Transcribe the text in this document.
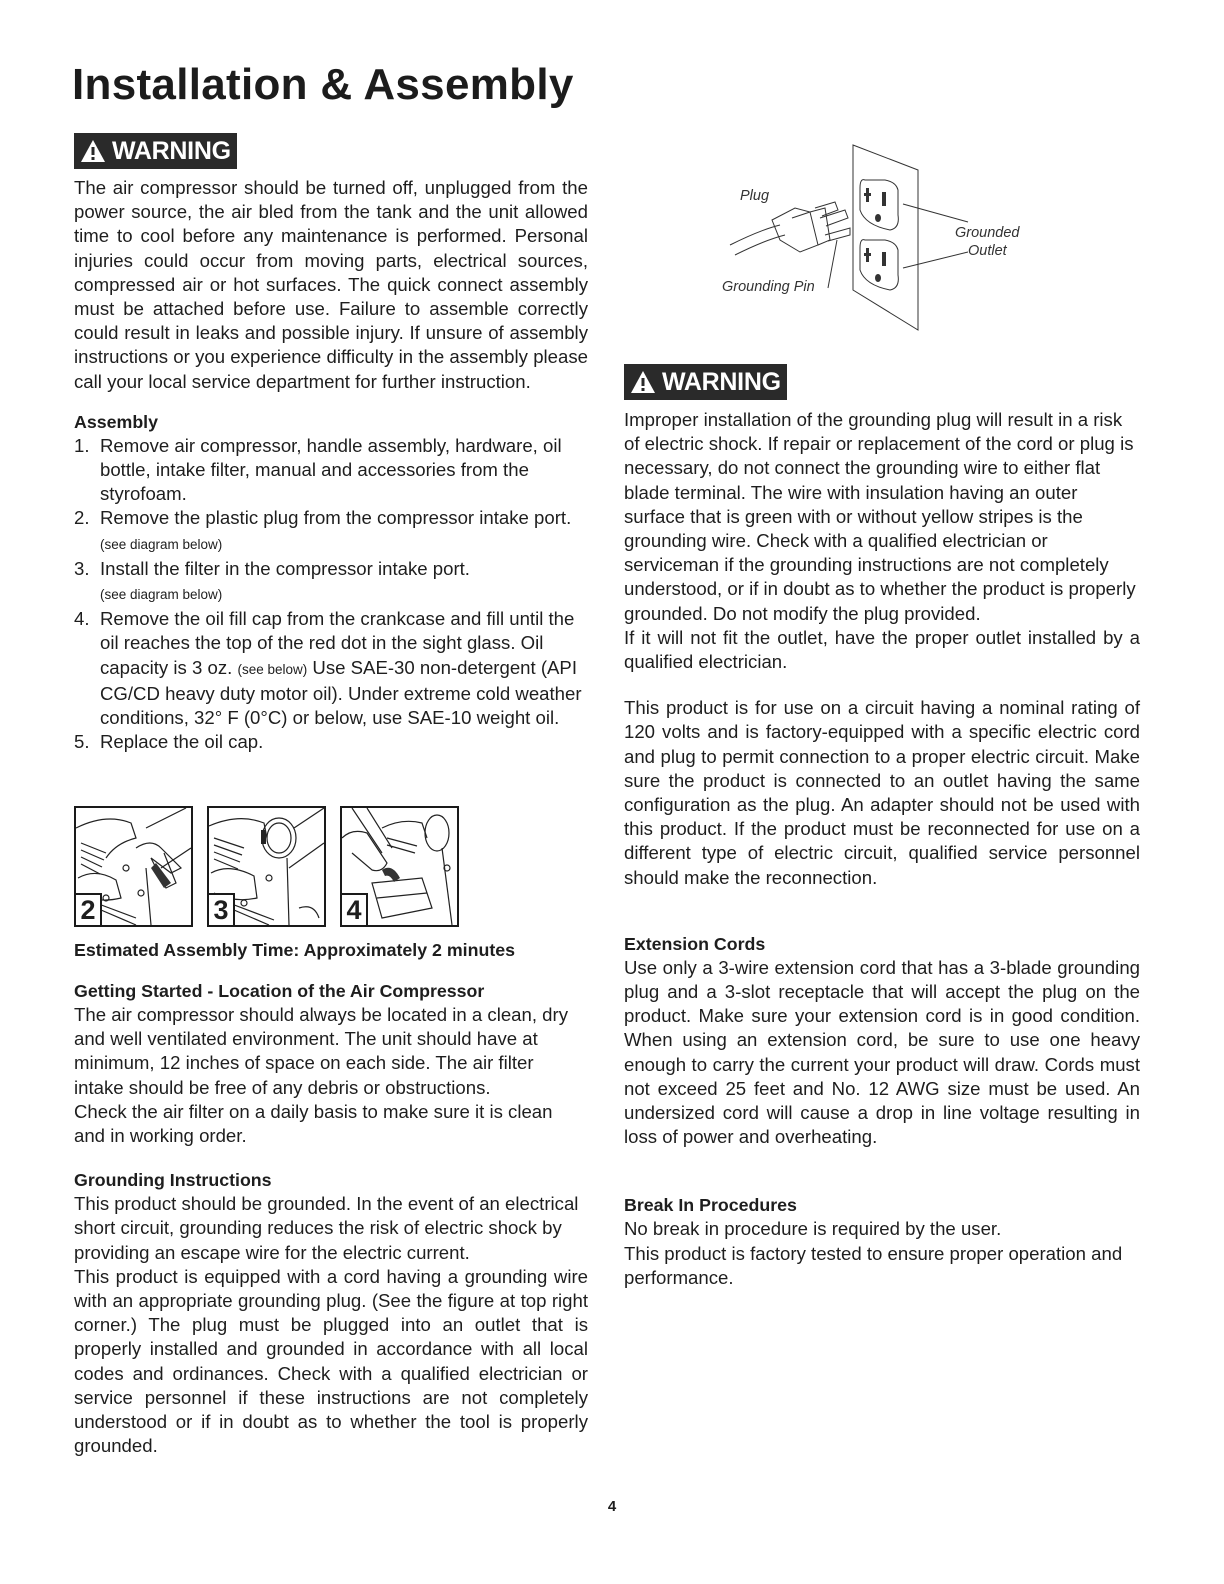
Installation & Assembly
WARNING

The air compressor should be turned off, unplugged from the power source, the air bled from the tank and the unit allowed time to cool before any maintenance is performed. Personal injuries could occur from moving parts, electrical sources, compressed air or hot surfaces. The quick connect assembly must be attached before use. Failure to assemble correctly could result in leaks and possible injury. If unsure of assembly instructions or you experience difficulty in the assembly please call your local service department for further instruction.

Assembly
1. Remove air compressor, handle assembly, hardware, oil bottle, intake filter, manual and accessories from the styrofoam.
2. Remove the plastic plug from the compressor intake port. (see diagram below)
3. Install the filter in the compressor intake port.
(see diagram below)
4. Remove the oil fill cap from the crankcase and fill until the oil reaches the top of the red dot in the sight glass. Oil capacity is 3 oz. (see below) Use SAE-30 non-detergent (API CG/CD heavy duty motor oil). Under extreme cold weather conditions, 32° F (0°C) or below, use SAE-10 weight oil.
5. Replace the oil cap.
2	3	4
Estimated Assembly Time: Approximately 2 minutes
Getting Started - Location of the Air Compressor

The air compressor should always be located in a clean, dry and well ventilated environment. The unit should have at minimum, 12 inches of space on each side. The air filter intake should be free of any debris or obstructions.

Check the air filter on a daily basis to make sure it is clean and in working order.

Grounding Instructions

This product should be grounded. In the event of an electrical short circuit, grounding reduces the risk of electric shock by providing an escape wire for the electric current.

This product is equipped with a cord having a grounding wire with an appropriate grounding plug. (See the figure at top right corner.) The plug must be plugged into an outlet that is properly installed and grounded in accordance with all local codes and ordinances. Check with a qualified electrician or service personnel if these instructions are not completely understood or if in doubt as to whether the tool is properly grounded.

Plug
Grounding Pin
Grounded
Outlet
WARNING

Improper installation of the grounding plug will result in a risk of electric shock. If repair or replacement of the cord or plug is necessary, do not connect the grounding wire to either flat blade terminal. The wire with insulation having an outer surface that is green with or without yellow stripes is the grounding wire. Check with a qualified electrician or serviceman if the grounding instructions are not completely understood, or if in doubt as to whether the product is properly grounded. Do not modify the plug provided.

If it will not fit the outlet, have the proper outlet installed by a qualified electrician.

This product is for use on a circuit having a nominal rating of 120 volts and is factory-equipped with a specific electric cord and plug to permit connection to a proper electric circuit. Make sure the product is connected to an outlet having the same configuration as the plug. An adapter should not be used with this product. If the product must be reconnected for use on a different type of electric circuit, qualified service personnel should make the reconnection.

Extension Cords

Use only a 3-wire extension cord that has a 3-blade grounding plug and a 3-slot receptacle that will accept the plug on the product. Make sure your extension cord is in good condition. When using an extension cord, be sure to use one heavy enough to carry the current your product will draw. Cords must not exceed 25 feet and No. 12 AWG size must be used. An undersized cord will cause a drop in line voltage resulting in loss of power and overheating.

Break In Procedures

No break in procedure is required by the user.

This product is factory tested to ensure proper operation and performance.

4
